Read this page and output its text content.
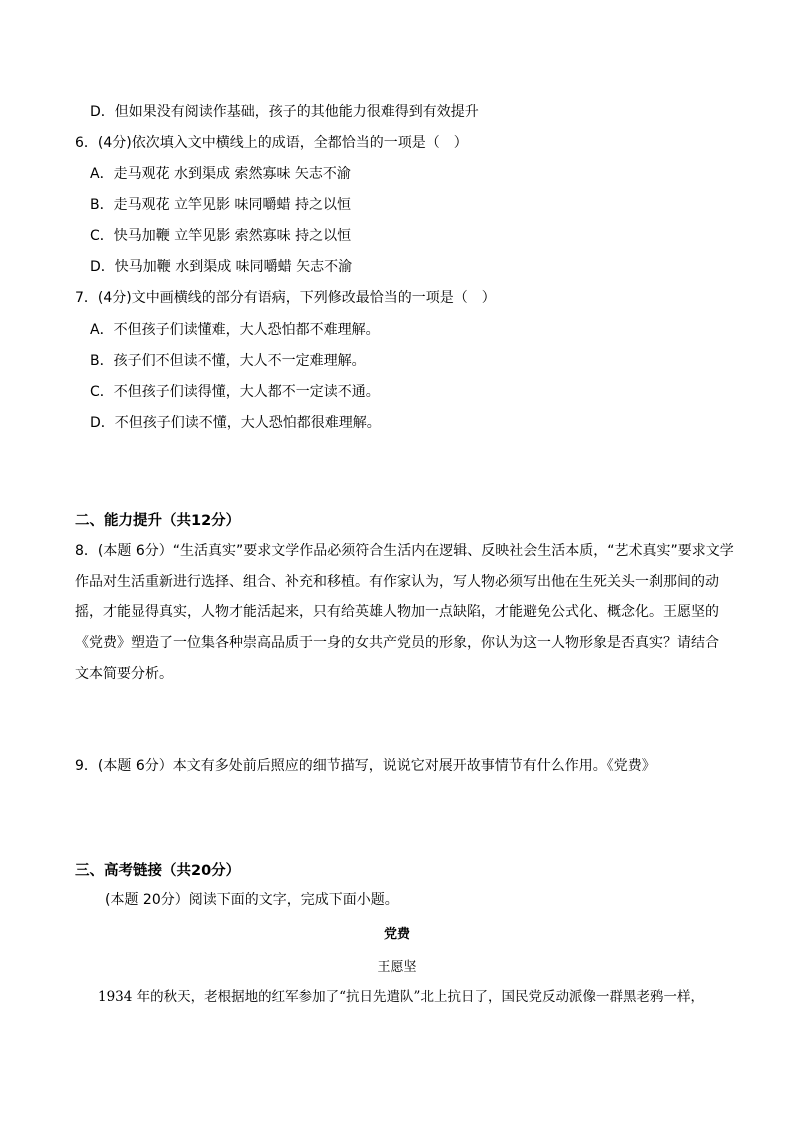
D．但如果没有阅读作基础，孩子的其他能力很难得到有效提升
6．(4分)依次填入文中横线上的成语，全都恰当的一项是（　）
A．走马观花 水到渠成 索然寡味 矢志不渝
B．走马观花 立竿见影 味同嚼蜡 持之以恒
C．快马加鞭 立竿见影 索然寡味 持之以恒
D．快马加鞭 水到渠成 味同嚼蜡 矢志不渝
7．(4分)文中画横线的部分有语病，下列修改最恰当的一项是（　）
A．不但孩子们读懂难，大人恐怕都不难理解。
B．孩子们不但读不懂，大人不一定难理解。
C．不但孩子们读得懂，大人都不一定读不通。
D．不但孩子们读不懂，大人恐怕都很难理解。
二、能力提升（共12分）
8．(本题 6分）“生活真实”要求文学作品必须符合生活内在逻辑、反映社会生活本质，“艺术真实”要求文学
作品对生活重新进行选择、组合、补充和移植。有作家认为，写人物必须写出他在生死关头一刹那间的动
摇，才能显得真实，人物才能活起来，只有给英雄人物加一点缺陷，才能避免公式化、概念化。王愿坚的
《党费》塑造了一位集各种崇高品质于一身的女共产党员的形象，你认为这一人物形象是否真实？请结合
文本简要分析。
9．(本题 6分）本文有多处前后照应的细节描写，说说它对展开故事情节有什么作用。《党费》
三、高考链接（共20分）
(本题 20分）阅读下面的文字，完成下面小题。
党费
王愿坚
1934 年的秋天，老根据地的红军参加了“抗日先遣队”北上抗日了，国民党反动派像一群黑老鸦一样，
